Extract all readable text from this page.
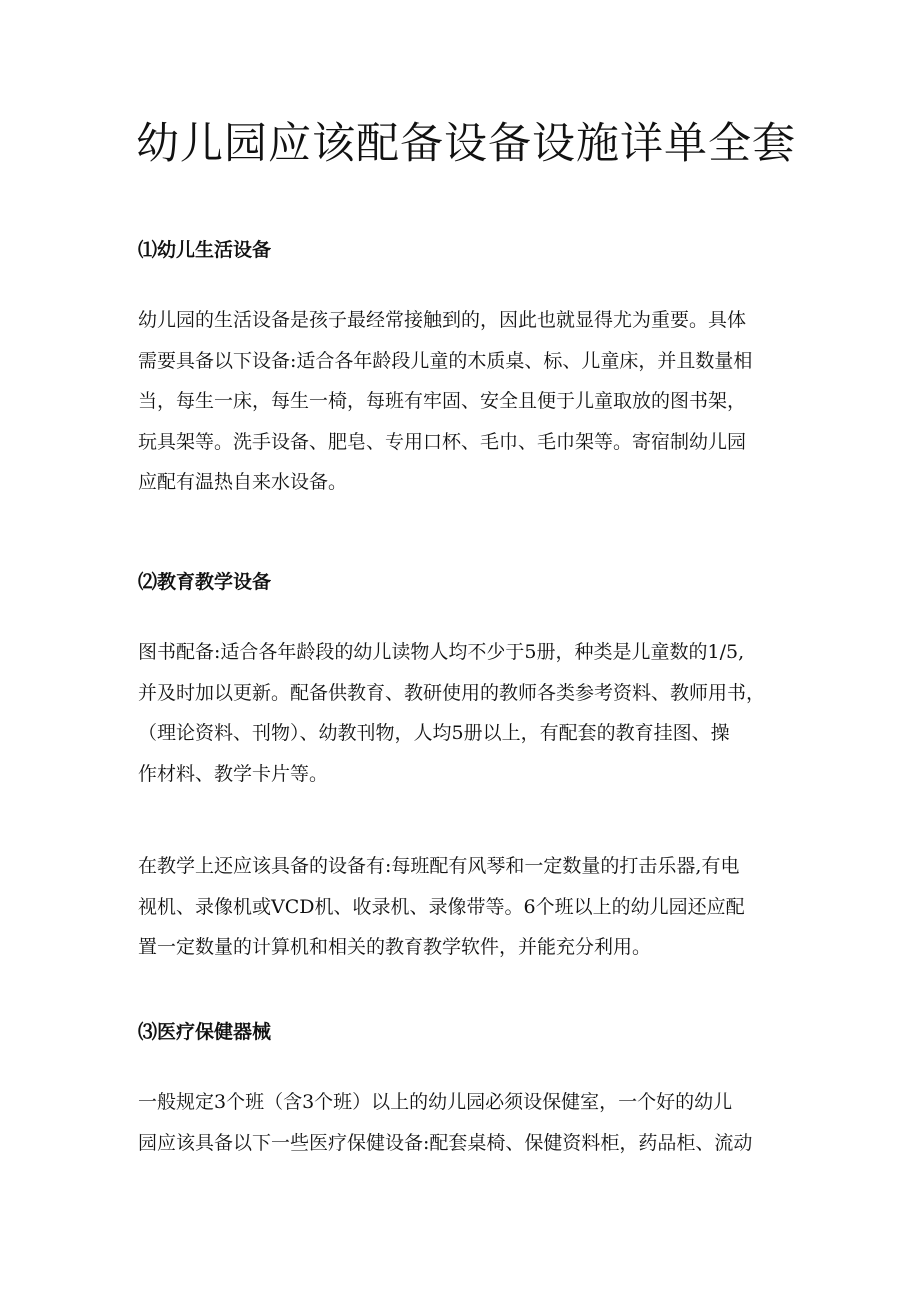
幼儿园应该配备设备设施详单全套
⑴幼儿生活设备
幼儿园的生活设备是孩子最经常接触到的，因此也就显得尤为重要。具体
需要具备以下设备:适合各年龄段儿童的木质桌、标、儿童床，并且数量相
当，每生一床，每生一椅，每班有牢固、安全且便于儿童取放的图书架，
玩具架等。洗手设备、肥皂、专用口杯、毛巾、毛巾架等。寄宿制幼儿园
应配有温热自来水设备。
⑵教育教学设备
图书配备:适合各年龄段的幼儿读物人均不少于5册，种类是儿童数的1/5,
并及时加以更新。配备供教育、教研使用的教师各类参考资料、教师用书，
（理论资料、刊物）、幼教刊物，人均5册以上，有配套的教育挂图、操
作材料、教学卡片等。
在教学上还应该具备的设备有:每班配有风琴和一定数量的打击乐器,有电
视机、录像机或VCD机、收录机、录像带等。6个班以上的幼儿园还应配
置一定数量的计算机和相关的教育教学软件，并能充分利用。
⑶医疗保健器械
一般规定3个班（含3个班）以上的幼儿园必须设保健室，一个好的幼儿
园应该具备以下一些医疗保健设备:配套桌椅、保健资料柜，药品柜、流动
